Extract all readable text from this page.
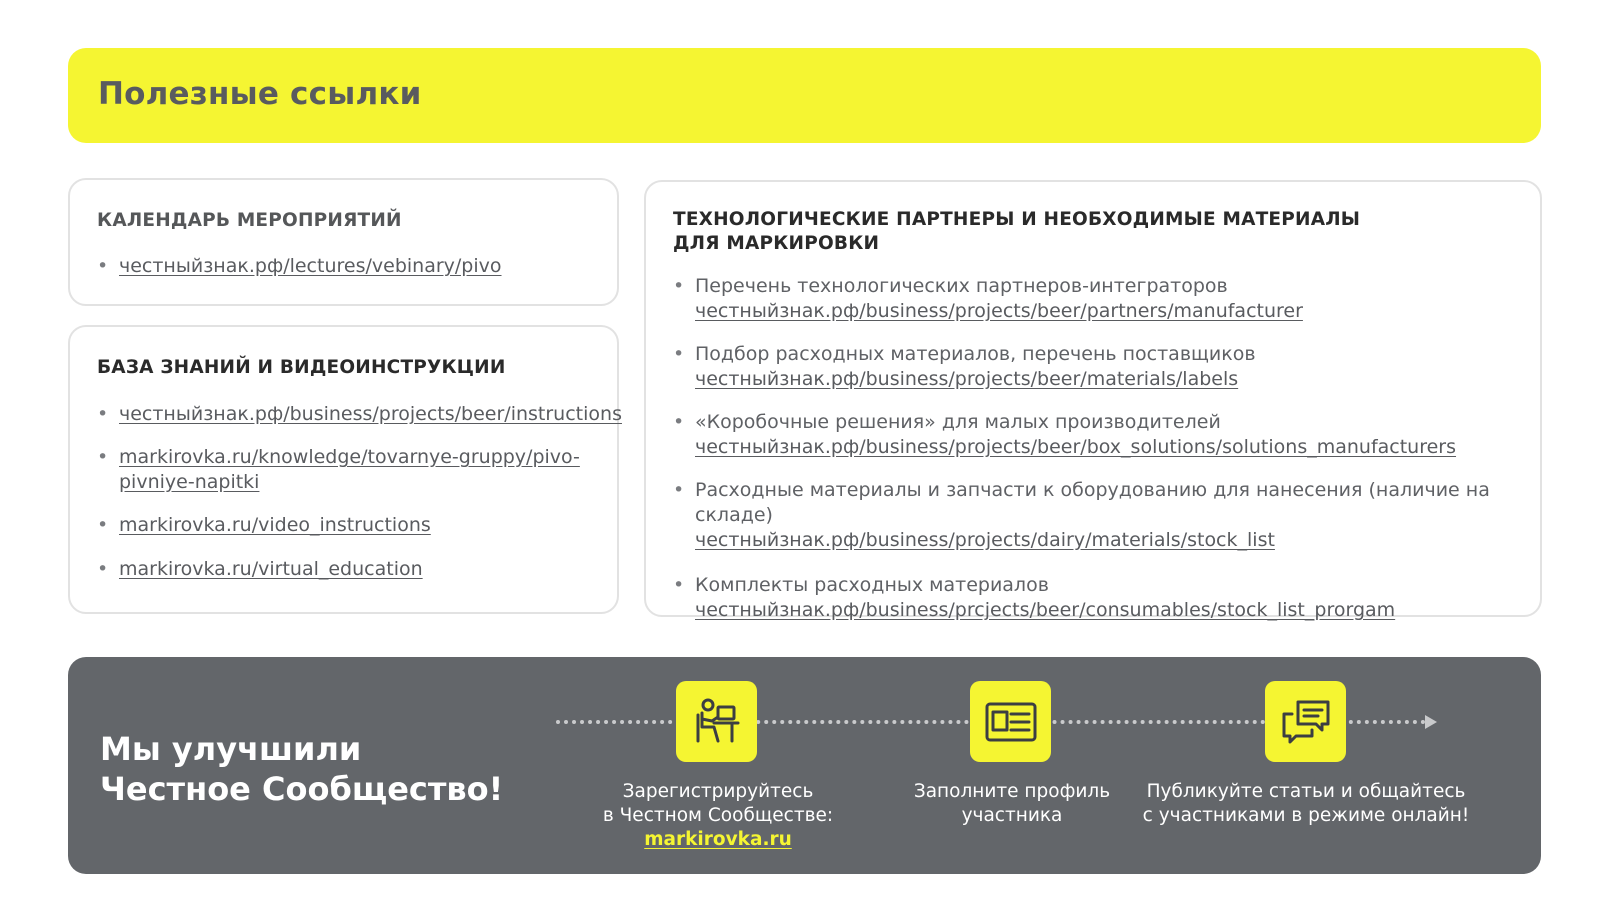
Полезные ссылки
КАЛЕНДАРЬ МЕРОПРИЯТИЙ
• честныйзнак.рф/lectures/vebinary/pivo
БАЗА ЗНАНИЙ И ВИДЕОИНСТРУКЦИИ
• честныйзнак.рф/business/projects/beer/instructions
• markirovka.ru/knowledge/tovarnye-gruppy/pivo-
pivniye-napitki
• markirovka.ru/video_instructions
• markirovka.ru/virtual_education
ТЕХНОЛОГИЧЕСКИЕ ПАРТНЕРЫ И НЕОБХОДИМЫЕ МАТЕРИАЛЫ
ДЛЯ МАРКИРОВКИ
• Перечень технологических партнеров-интеграторов
честныйзнак.рф/business/projects/beer/partners/manufacturer
• Подбор расходных материалов, перечень поставщиков
честныйзнак.рф/business/projects/beer/materials/labels
• «Коробочные решения» для малых производителей
честныйзнак.рф/business/projects/beer/box_solutions/solutions_manufacturers
• Расходные материалы и запчасти к оборудованию для нанесения (наличие на складе)
честныйзнак.рф/business/projects/dairy/materials/stock_list
• Комплекты расходных материалов
честныйзнак.рф/business/prcjects/beer/consumables/stock_list_prorgam
Мы улучшили
Честное Сообщество!	Зарегистрируйтесь
в Честном Сообществе:
markirovka.ru
Заполните профиль
участника
Публикуйте статьи и общайтесь
с участниками в режиме онлайн!
